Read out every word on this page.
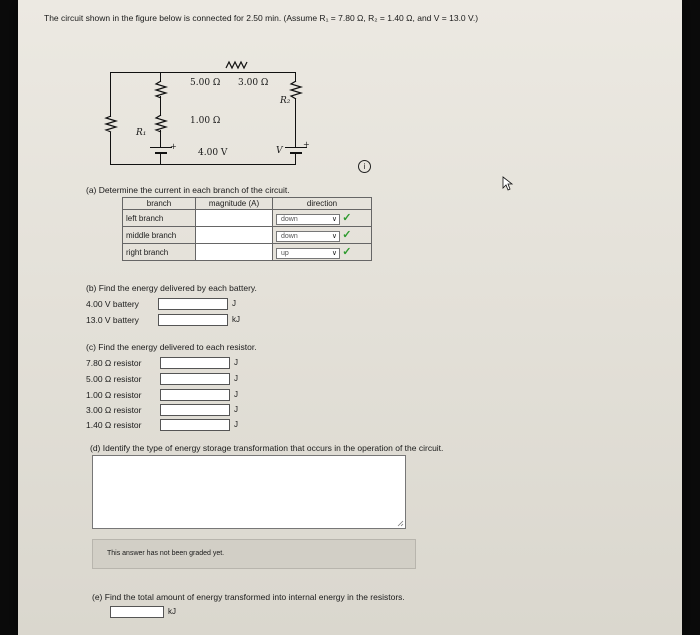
The circuit shown in the figure below is connected for 2.50 min. (Assume R₁ = 7.80 Ω, R₂ = 1.40 Ω, and V = 13.0 V.)
5.00 Ω 3.00 Ω
R₂
1.00 Ω
R₁
+	+
4.00 V	V
i
(a) Determine the current in each branch of the circuit.
branch	magnitude (A)	direction
left branch		down ∨ ✓
middle branch		down ∨ ✓
right branch		up ∨ ✓
(b) Find the energy delivered by each battery.
4.00 V battery	J
13.0 V battery	kJ
(c) Find the energy delivered to each resistor.
7.80 Ω resistor	J
5.00 Ω resistor	J
1.00 Ω resistor	J
3.00 Ω resistor	J
1.40 Ω resistor	J
(d) Identify the type of energy storage transformation that occurs in the operation of the circuit.
This answer has not been graded yet.
(e) Find the total amount of energy transformed into internal energy in the resistors.
kJ
